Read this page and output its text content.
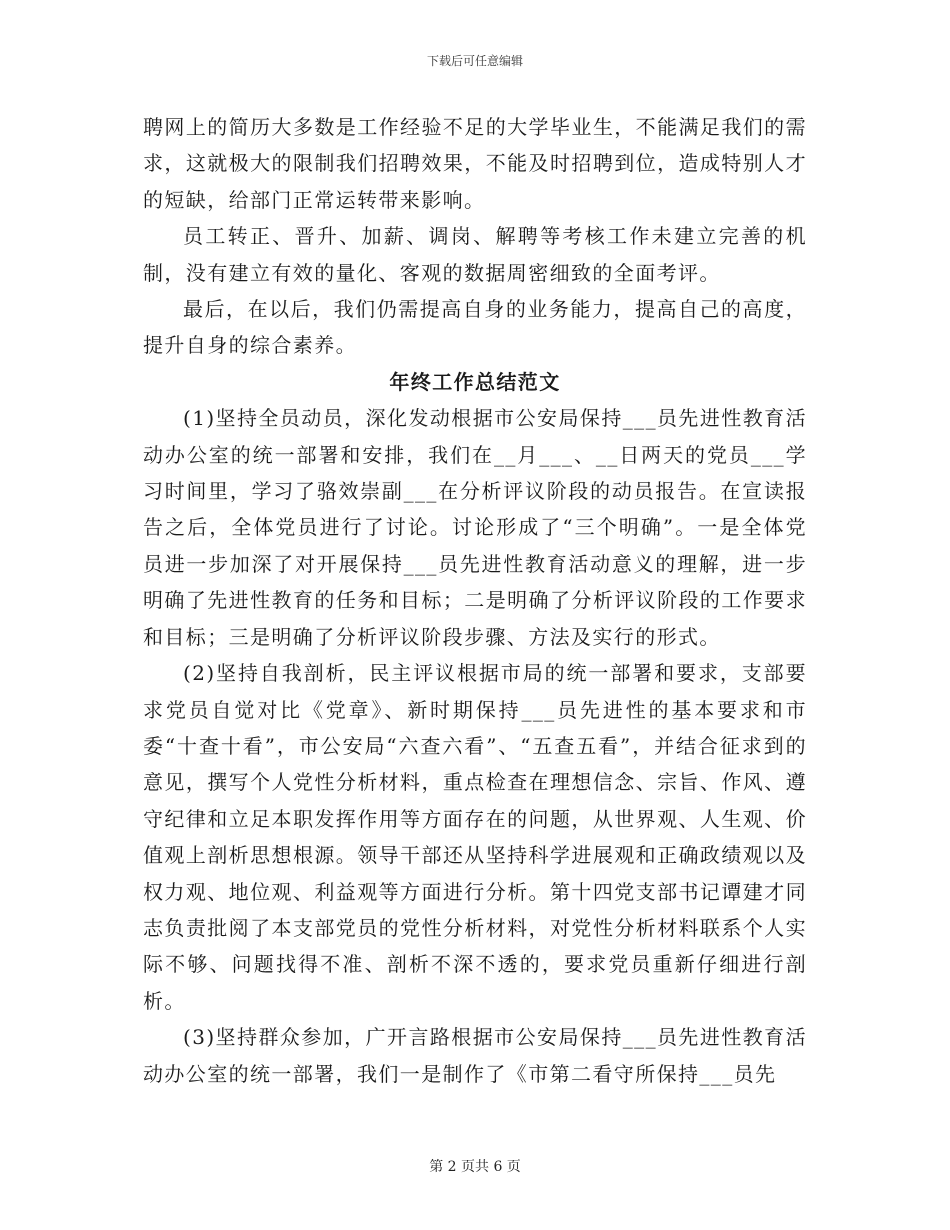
下载后可任意编辑

聘网上的简历大多数是工作经验不足的大学毕业生，不能满足我们的需求，这就极大的限制我们招聘效果，不能及时招聘到位，造成特别人才的短缺，给部门正常运转带来影响。

员工转正、晋升、加薪、调岗、解聘等考核工作未建立完善的机制，没有建立有效的量化、客观的数据周密细致的全面考评。

最后，在以后，我们仍需提高自身的业务能力，提高自己的高度，提升自身的综合素养。

年终工作总结范文

(1)坚持全员动员，深化发动根据市公安局保持___员先进性教育活动办公室的统一部署和安排，我们在__月___、__日两天的党员___学习时间里，学习了骆效崇副___在分析评议阶段的动员报告。在宣读报告之后，全体党员进行了讨论。讨论形成了“三个明确”。一是全体党员进一步加深了对开展保持___员先进性教育活动意义的理解，进一步明确了先进性教育的任务和目标；二是明确了分析评议阶段的工作要求和目标；三是明确了分析评议阶段步骤、方法及实行的形式。

(2)坚持自我剖析，民主评议根据市局的统一部署和要求，支部要求党员自觉对比《党章》、新时期保持___员先进性的基本要求和市委“十查十看”，市公安局“六查六看”、“五查五看”，并结合征求到的意见，撰写个人党性分析材料，重点检查在理想信念、宗旨、作风、遵守纪律和立足本职发挥作用等方面存在的问题，从世界观、人生观、价值观上剖析思想根源。领导干部还从坚持科学进展观和正确政绩观以及权力观、地位观、利益观等方面进行分析。第十四党支部书记谭建才同志负责批阅了本支部党员的党性分析材料，对党性分析材料联系个人实际不够、问题找得不准、剖析不深不透的，要求党员重新仔细进行剖析。

(3)坚持群众参加，广开言路根据市公安局保持___员先进性教育活动办公室的统一部署，我们一是制作了《市第二看守所保持___员先

第 2 页共 6 页
